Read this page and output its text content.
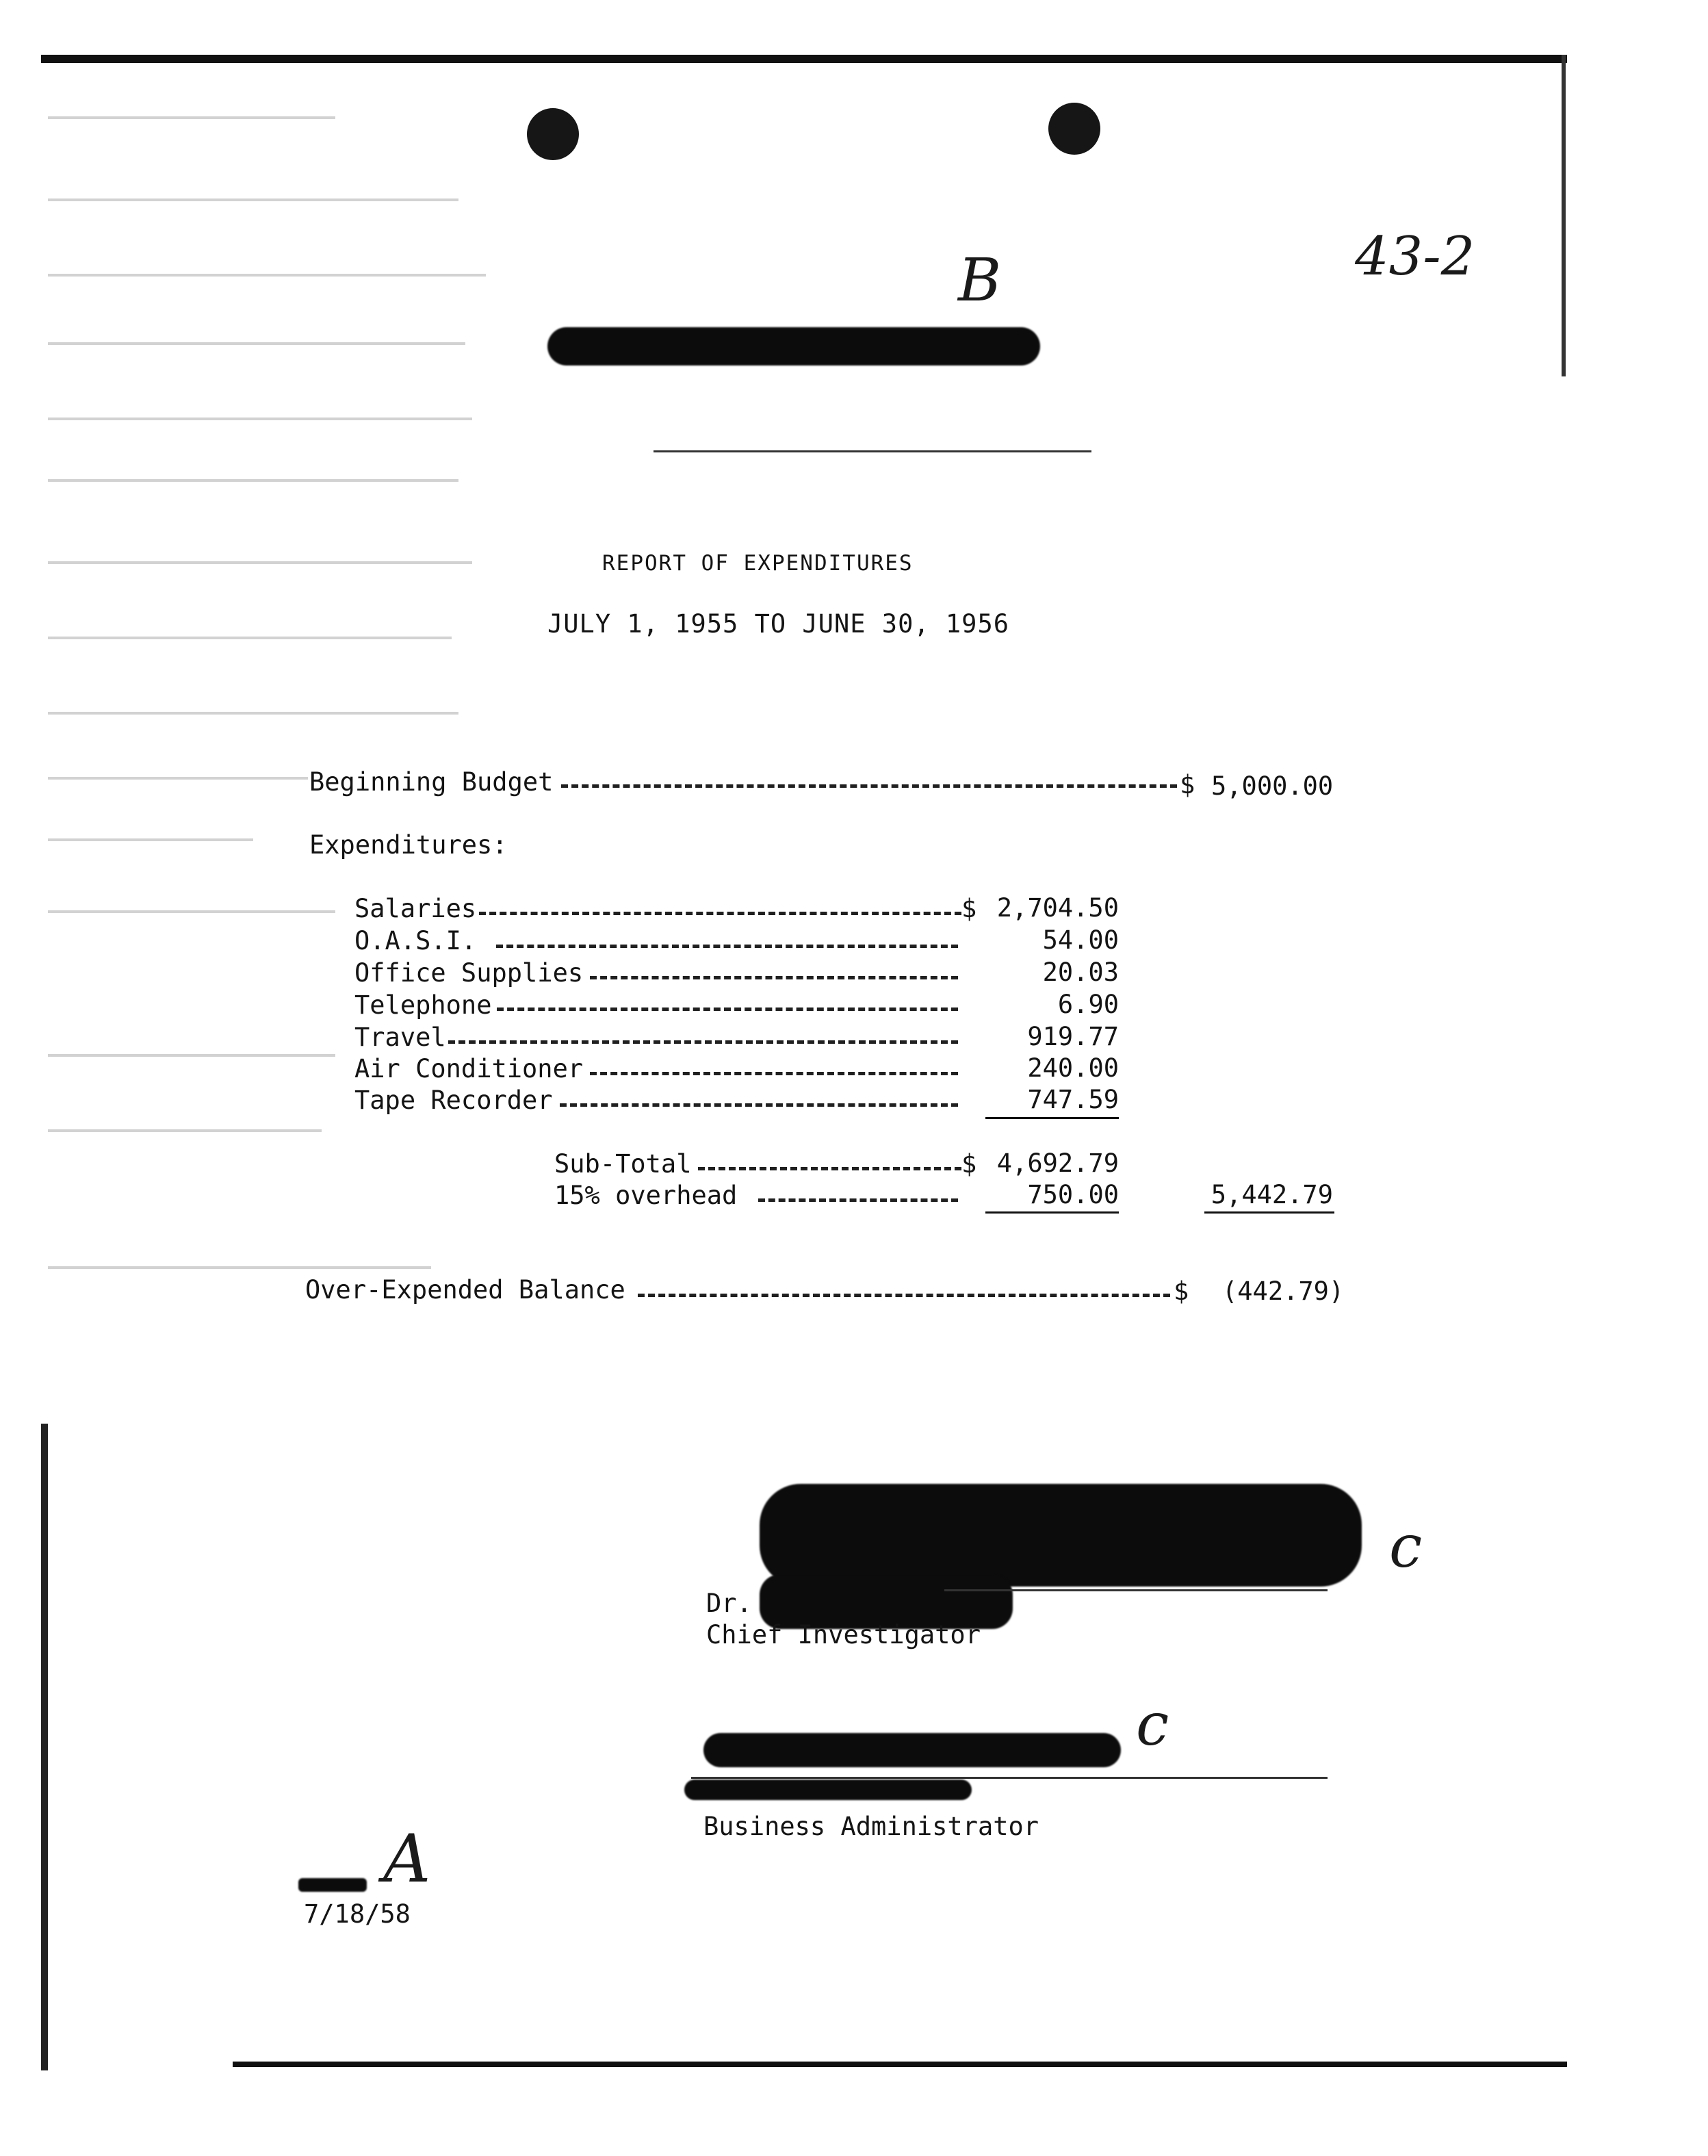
43-2
B
REPORT OF EXPENDITURES
JULY 1, 1955 TO JUNE 30, 1956
Beginning Budget	$ 5,000.00
Expenditures:
Salaries	$ 2,704.50
O.A.S.I.	54.00
Office Supplies	20.03
Telephone	6.90
Travel	919.77
Air Conditioner	240.00
Tape Recorder	747.59
Sub-Total	$ 4,692.79
15% overhead	750.00	5,442.79
Over-Expended Balance	$ (442.79)
c
Dr.
Chief Investigator
c
Business Administrator
A
7/18/58
